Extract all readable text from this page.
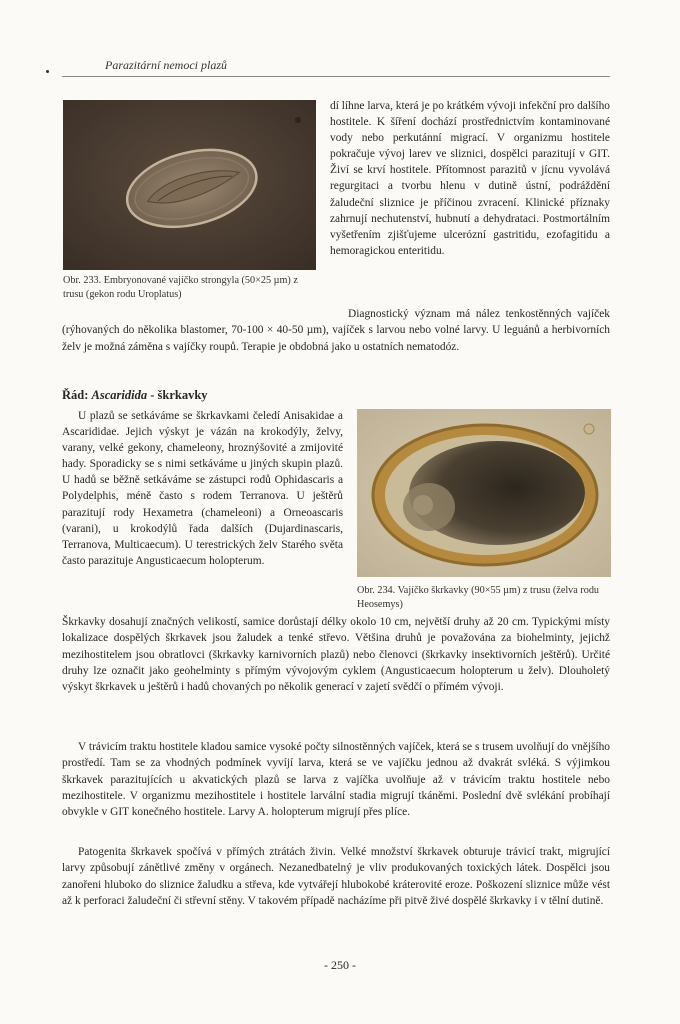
Parazitární nemoci plazů
Obr. 233. Embryonované vajíčko strongyla (50×25 µm) z trusu (gekon rodu Uroplatus)

dí líhne larva, která je po krátkém vývoji infekční pro dalšího hostitele. K šíření dochází prostřednictvím kontaminované vody nebo perkutánní migrací. V organizmu hostitele pokračuje vývoj larev ve sliznici, dospělci parazitují v GIT. Živí se krví hostitele. Přítomnost parazitů v jícnu vyvolává regurgitaci a tvorbu hlenu v dutině ústní, podráždění žaludeční sliznice je příčinou zvracení. Klinické příznaky zahrnují nechutenství, hubnutí a dehydrataci. Postmortálním vyšetřením zjišťujeme ulcerózní gastritidu, ezofagitidu a hemoragickou enteritidu.

Diagnostický význam má nález tenkostěnných vajíček (rýhovaných do několika blastomer, 70-100 × 40-50 µm), vajíček s larvou nebo volné larvy. U leguánů a herbivorních želv je možná záměna s vajíčky roupů. Terapie je obdobná jako u ostatních nematodóz.

Řád: Ascaridida - škrkavky

U plazů se setkáváme se škrkavkami čeledí Anisakidae a Ascarididae. Jejich výskyt je vázán na krokodýly, želvy, varany, velké gekony, chameleony, hroznýšovité a zmijovité hady. Sporadicky se s nimi setkáváme u jiných skupin plazů. U hadů se běžně setkáváme se zástupci rodů Ophidascaris a Polydelphis, méně často s rodem Terranova. U ještěrů parazitují rody Hexametra (chameleoni) a Orneoascaris (varani), u krokodýlů řada dalších (Dujardinascaris, Terranova, Multicaecum). U terestrických želv Starého světa často parazituje Angusticaecum holopterum.

Obr. 234. Vajíčko škrkavky (90×55 µm) z trusu (želva rodu Heosemys)

Škrkavky dosahují značných velikostí, samice dorůstají délky okolo 10 cm, největší druhy až 20 cm. Typickými místy lokalizace dospělých škrkavek jsou žaludek a tenké střevo. Většina druhů je považována za biohelminty, jejichž mezihostitelem jsou obratlovci (škrkavky karnivorních plazů) nebo členovci (škrkavky insektivorních ještěrů). Určité druhy lze označit jako geohelminty s přímým vývojovým cyklem (Angusticaecum holopterum u želv). Dlouholetý výskyt škrkavek u ještěrů i hadů chovaných po několik generací v zajetí svědčí o přímém vývoji.

V trávicím traktu hostitele kladou samice vysoké počty silnostěnných vajíček, která se s trusem uvolňují do vnějšího prostředí. Tam se za vhodných podmínek vyvíjí larva, která se ve vajíčku jednou až dvakrát svléká. S výjimkou škrkavek parazitujících u akvatických plazů se larva z vajíčka uvolňuje až v trávicím traktu hostitele nebo mezihostitele. V organizmu mezihostitele i hostitele larvální stadia migrují tkáněmi. Poslední dvě svlékání probíhají obvykle v GIT konečného hostitele. Larvy A. holopterum migrují přes plíce.

Patogenita škrkavek spočívá v přímých ztrátách živin. Velké množství škrkavek obturuje trávicí trakt, migrující larvy způsobují zánětlivé změny v orgánech. Nezanedbatelný je vliv produkovaných toxických látek. Dospělci jsou zanořeni hluboko do sliznice žaludku a střeva, kde vytvářejí hlubokobé kráterovité eroze. Poškození sliznice může vést až k perforaci žaludeční či střevní stěny. V takovém případě nacházíme při pitvě živé dospělé škrkavky i v tělní dutině.

- 250 -
